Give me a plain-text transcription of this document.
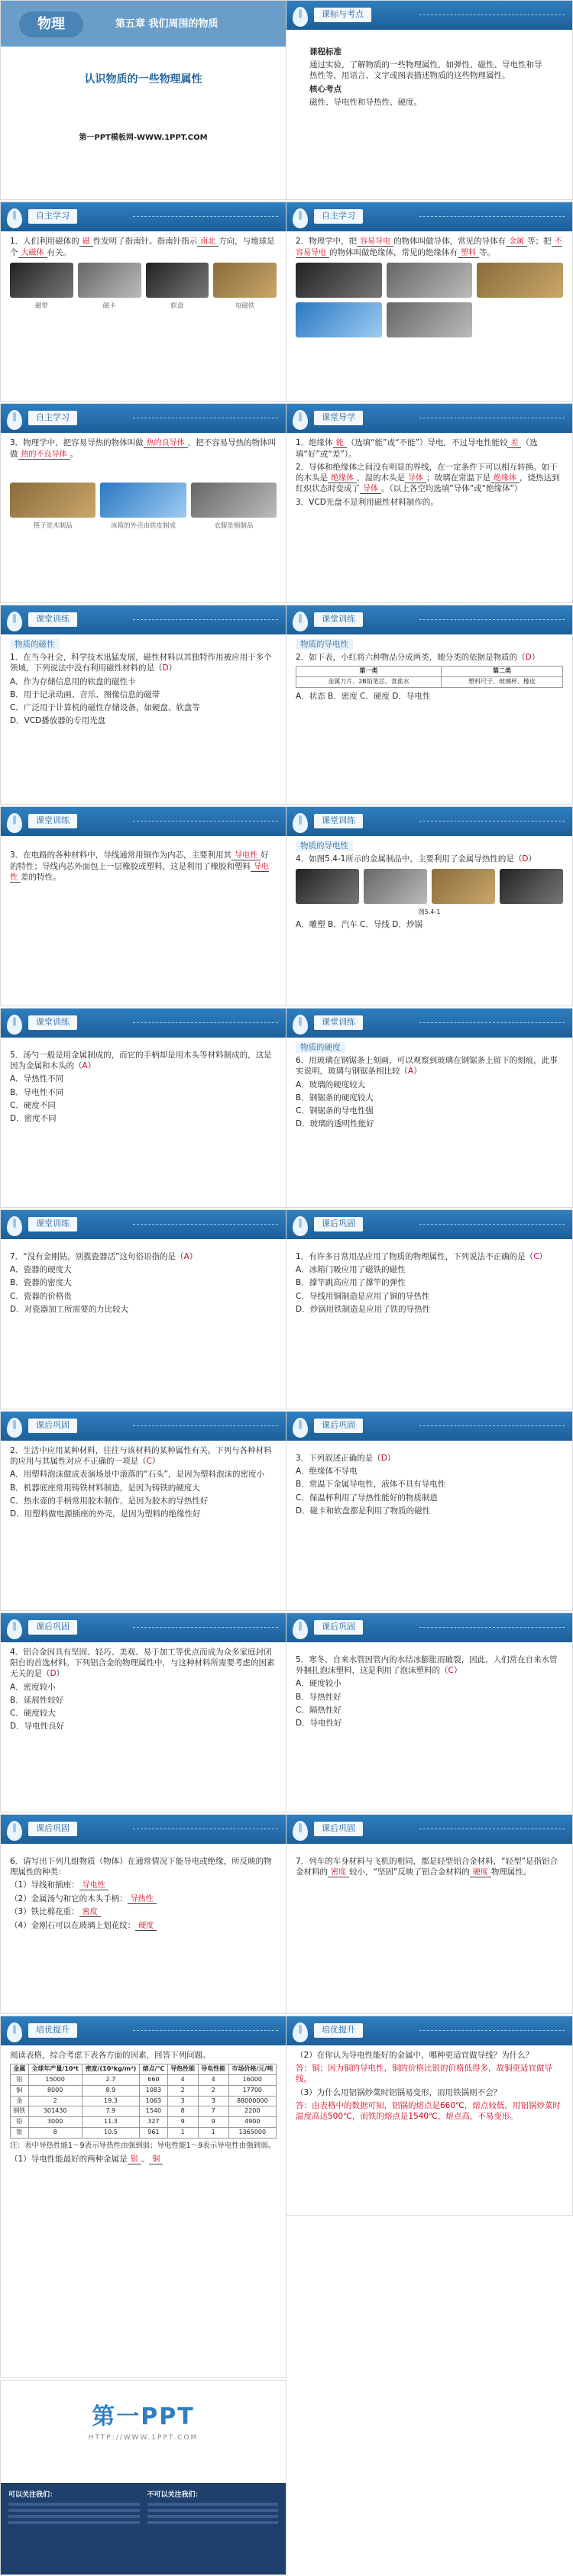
物理	第五章 我们周围的物质
认识物质的一些物理属性
第一PPT模板网-WWW.1PPT.COM
课标与考点

课程标准

通过实验，了解物质的一些物理属性，如弹性、磁性、导电性和导热性等，用语言、文字或图表描述物质的这些物理属性。

核心考点

磁性、导电性和导热性、硬度。

自主学习

1．人们利用磁体的 磁 性发明了指南针。指南针指示 南北 方向，与地球是个 大磁体 有关。

磁带	磁卡	软盘	电磁铁
自主学习

2．物理学中，把 容易导电 的物体叫做导体，常见的导体有 金属 等；把 不容易导电 的物体叫做绝缘体，常见的绝缘体有 塑料 等。

自主学习

3．物理学中，把容易导热的物体叫做 热的良导体 ，把不容易导热的物体叫做 热的不良导体 。

筷子是木制品	冰箱的外壳由铁皮制成	衣服是棉制品
课堂导学

1．绝缘体 能 （选填“能”或“不能”）导电，不过导电性能较 差 （选填“好”或“差”）。

2．导体和绝缘体之间没有明显的界线，在一定条件下可以相互转换。如干的木头是 绝缘体 ，湿的木头是 导体 ；玻璃在常温下是 绝缘体 ，烧热达到红炽状态时变成了 导体 。（以上各空均选填“导体”或“绝缘体”）

3．VCD光盘不是利用磁性材料制作的。

课堂训练

物质的磁性

1．在当今社会，科学技术迅猛发展，磁性材料以其独特作用被应用于多个领域，下列说法中没有利用磁性材料的是（D）

A．作为存储信息用的软盘的磁性卡

B．用于记录动画、音乐、图像信息的磁带

C．广泛用于计算机的磁性存储设备，如硬盘、软盘等

D．VCD播放器的专用光盘

课堂训练

物质的导电性

2．如下表，小红将六种物品分成两类，她分类的依据是物质的（D）

第一类	第二类
金属刀片、2B铅笔芯、食盐水	塑料尺子、玻璃杯、橡皮

A．状态 B．密度 C．硬度 D．导电性

课堂训练

3．在电路的各种材料中，导线通常用铜作为内芯，主要利用其 导电性 好的特性；导线内芯外面包上一层橡胶或塑料，这是利用了橡胶和塑料 导电性 差的特性。

课堂训练

物质的导电性

4．如图5.4-1所示的金属制品中，主要利用了金属导热性的是（D）

图5.4-1

A．雕塑 B．汽车 C．导线 D．炒锅

课堂训练

5．汤勺一般是用金属制成的，而它的手柄却是用木头等材料制成的，这是因为金属和木头的（A）

A．导热性不同

B．导电性不同

C．硬度不同

D．密度不同

课堂训练

物质的硬度

6．用玻璃在钢锯条上刻画，可以观察到玻璃在钢锯条上留下的刻痕，此事实说明，玻璃与钢锯条相比较（A）

A．玻璃的硬度较大

B．钢锯条的硬度较大

C．钢锯条的导电性强

D．玻璃的透明性能好

课堂训练

7．“没有金刚钻，别揽瓷器活”这句俗语指的是（A）

A．瓷器的硬度大

B．瓷器的密度大

C．瓷器的价格贵

D．对瓷器加工所需要的力比较大

课后巩固

1．有许多日常用品应用了物质的物理属性，下列说法不正确的是（C）

A．冰箱门吸应用了磁铁的磁性

B．撑竿跳高应用了撑竿的弹性

C．导线用铜制造是应用了铜的导热性

D．炒锅用铁制造是应用了铁的导热性

课后巩固

2．生活中应用某种材料，往往与该材料的某种属性有关。下列与各种材料的应用与其属性对应不正确的一项是（C）

A．用塑料泡沫做成表演场景中滚落的“石头”，是因为塑料泡沫的密度小

B．机器底座常用铸铁材料制造，是因为铸铁的硬度大

C．热水壶的手柄常用胶木制作，是因为胶木的导热性好

D．用塑料做电源插座的外壳，是因为塑料的绝缘性好

课后巩固

3．下列叙述正确的是（D）

A．绝缘体不导电

B．常温下金属导电性，液体不具有导电性

C．保温杯利用了导热性能好的物质制造

D．磁卡和软盘都是利用了物质的磁性

课后巩固

4．铝合金因具有坚固、轻巧、美观、易于加工等优点而成为众多家庭封闭阳台的首选材料。下列铝合金的物理属性中，与这种材料所需要考虑的因素无关的是（D）

A．密度较小

B．延展性较好

C．硬度较大

D．导电性良好

课后巩固

5．寒冬，自来水管因管内的水结冰膨胀而破裂，因此，人们常在自来水管外捆扎泡沫塑料，这是利用了泡沫塑料的（C）

A．硬度较小

B．导热性好

C．隔热性好

D．导电性好

课后巩固

6．请写出下列几组物质（物体）在通常情况下能导电或绝缘，所反映的物理属性的种类：

（1）导线和插座： 导电性

（2）金属汤勺和它的木头手柄： 导热性

（3）铁比棉花重： 密度

（4）金刚石可以在玻璃上划花纹： 硬度

课后巩固

7．列车的车身材料与飞机的相同，都是轻型铝合金材料，“轻型”是指铝合金材料的 密度 较小，“坚固”反映了铝合金材料的 硬度 物理属性。

培优提升

阅读表格，综合考虑下表各方面的因素，回答下列问题。

金属	全球年产量/10⁴t	密度/(10³kg/m³)	熔点/℃	导热性能	导电性能	市场价格/元/吨
铝	15000	2.7	660	4	4	16000
铜	8000	8.9	1083	2	2	17700
金	2	19.3	1063	3	3	88000000
钢铁	301430	7.9	1540	8	7	2200
铅	3000	11.3	327	9	9	4900
银	8	10.5	961	1	1	1365000

注：表中导热性能1～9表示导热性由强到弱；导电性能1～9表示导电性由强到弱。

（1）导电性能最好的两种金属是 银 、 铜

培优提升

（2）在你认为导电性能好的金属中，哪种更适宜做导线？为什么？

答：铜；因为铜的导电性，铜的价格比银的价格低得多，故铜更适宜做导线。

（3）为什么用铝锅炒菜时铝锅易变形，而用铁锅则不会？

答：由表格中的数据可知，铝锅的熔点是660℃，熔点较低，用铝锅炒菜时温度高达500℃，而铁的熔点是1540℃，熔点高，不易变形。

第一PPT
HTTP://WWW.1PPT.COM
可以关注我们：	不可以关注我们：
